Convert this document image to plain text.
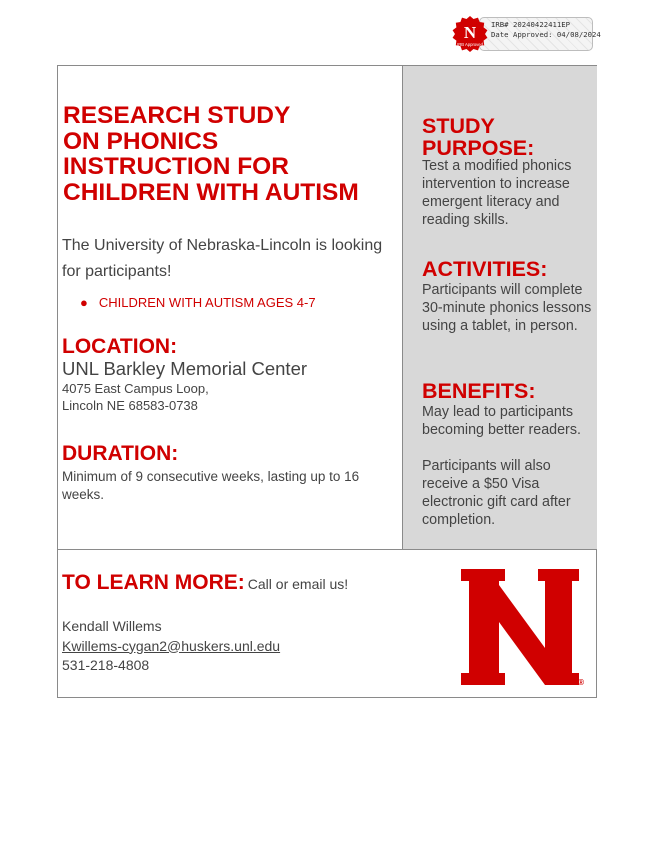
IRB# 20240422411EP
Date Approved: 04/08/2024
N
IRB Approved
RESEARCH STUDY
ON PHONICS
INSTRUCTION FOR
CHILDREN WITH AUTISM

The University of Nebraska-Lincoln is looking for participants!

● CHILDREN WITH AUTISM AGES 4-7
LOCATION:
UNL Barkley Memorial Center
4075 East Campus Loop,
Lincoln NE 68583-0738
DURATION:

Minimum of 9 consecutive weeks, lasting up to 16 weeks.

STUDY
PURPOSE:

Test a modified phonics intervention to increase emergent literacy and reading skills.

ACTIVITIES:

Participants will complete 30-minute phonics lessons using a tablet, in person.

BENEFITS:

May lead to participants becoming better readers.

Participants will also receive a $50 Visa electronic gift card after completion.

TO LEARN MORE: Call or email us!
Kendall Willems
Kwillems-cygan2@huskers.unl.edu
531-218-4808
®
